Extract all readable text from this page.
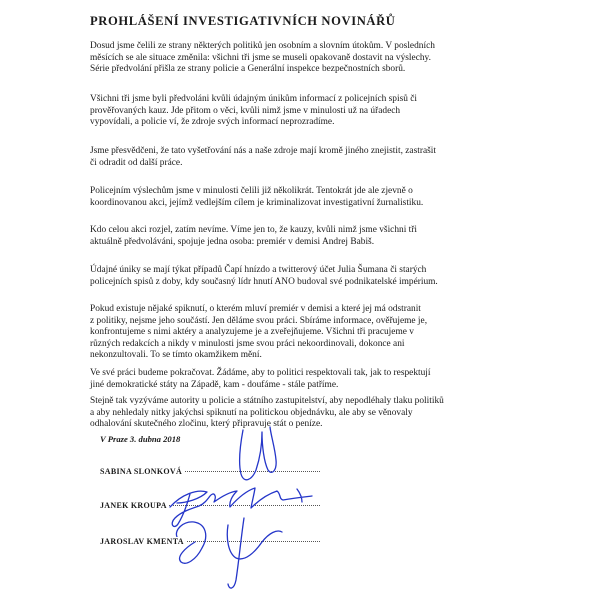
PROHLÁŠENÍ INVESTIGATIVNÍCH NOVINÁŘŮ

Dosud jsme čelili ze strany některých politiků jen osobním a slovním útokům. V posledních
měsících se ale situace změnila: všichni tři jsme se museli opakovaně dostavit na výslechy.
Série předvolání přišla ze strany policie a Generální inspekce bezpečnostních sborů.

Všichni tři jsme byli předvoláni kvůli údajným únikům informací z policejních spisů či
prověřovaných kauz. Jde přitom o věci, kvůli nimž jsme v minulosti už na úřadech
vypovídali, a policie ví, že zdroje svých informací neprozradíme.

Jsme přesvědčeni, že tato vyšetřování nás a naše zdroje mají kromě jiného znejistit, zastrašit
či odradit od další práce.

Policejním výslechům jsme v minulosti čelili již několikrát. Tentokrát jde ale zjevně o
koordinovanou akci, jejímž vedlejším cílem je kriminalizovat investigativní žurnalistiku.

Kdo celou akci rozjel, zatím nevíme. Víme jen to, že kauzy, kvůli nimž jsme všichni tři
aktuálně předvoláváni, spojuje jedna osoba: premiér v demisi Andrej Babiš.

Údajné úniky se mají týkat případů Čapí hnízdo a twitterový účet Julia Šumana či starých
policejních spisů z doby, kdy současný lídr hnutí ANO budoval své podnikatelské impérium.

Pokud existuje nějaké spiknutí, o kterém mluví premiér v demisi a které jej má odstranit
z politiky, nejsme jeho součástí. Jen děláme svou práci. Sbíráme informace, ověřujeme je,
konfrontujeme s nimi aktéry a analyzujeme je a zveřejňujeme. Všichni tři pracujeme v
různých redakcích a nikdy v minulosti jsme svou práci nekoordinovali, dokonce ani
nekonzultovali. To se tímto okamžikem mění.

Ve své práci budeme pokračovat. Žádáme, aby to politici respektovali tak, jak to respektují
jiné demokratické státy na Západě, kam - doufáme - stále patříme.

Stejně tak vyzýváme autority u policie a státního zastupitelství, aby nepodléhaly tlaku politiků
a aby nehledaly nitky jakýchsi spiknutí na politickou objednávku, ale aby se věnovaly
odhalování skutečného zločinu, který připravuje stát o peníze.

V Praze 3. dubna 2018
SABINA SLONKOVÁ
JANEK KROUPA
JAROSLAV KMENTA
